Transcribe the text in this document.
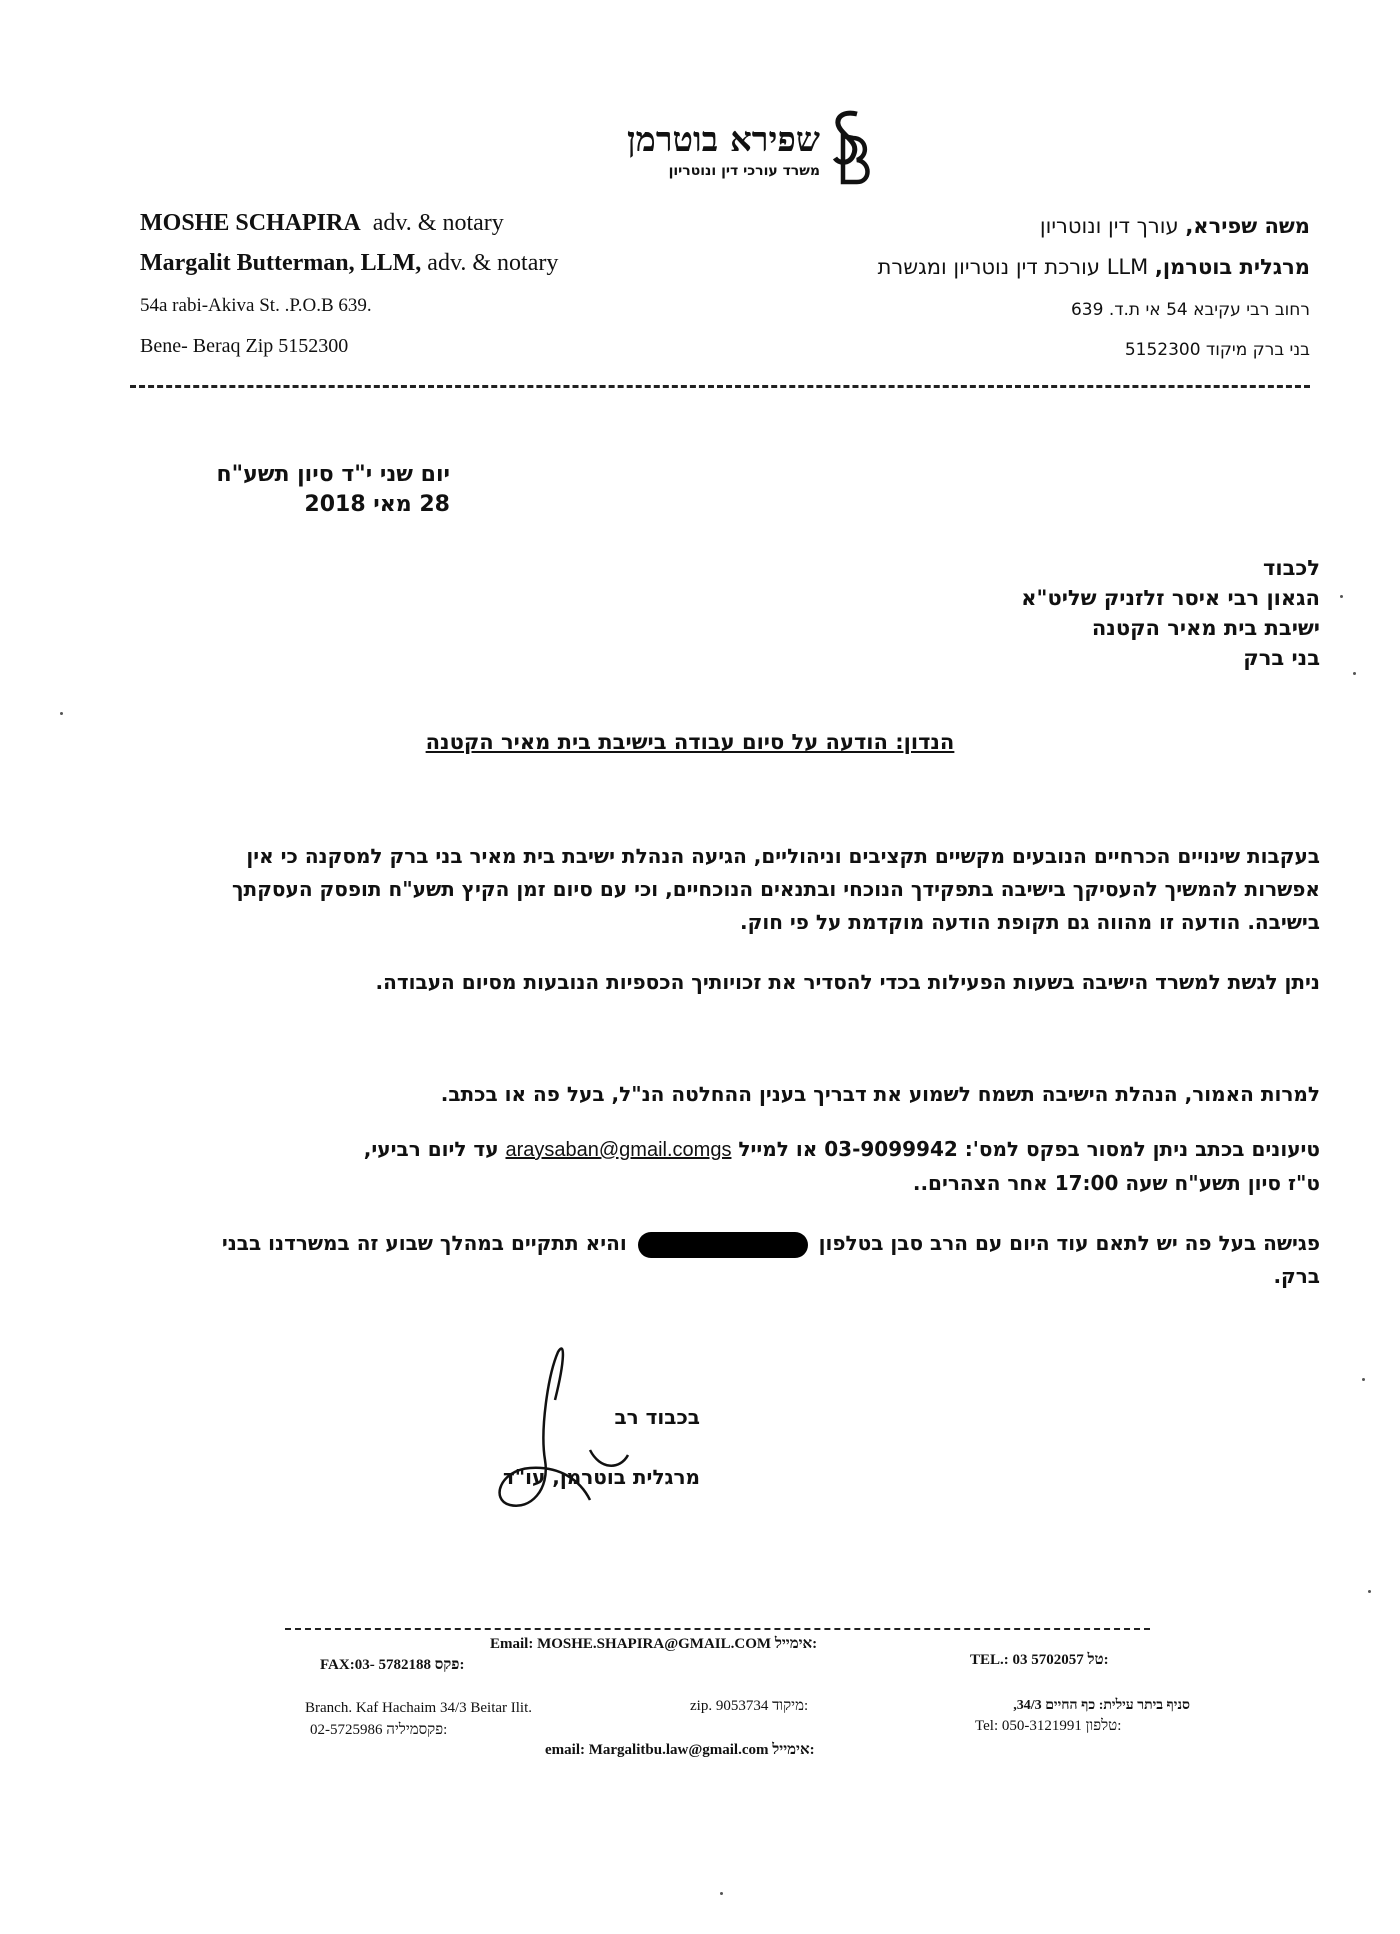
שפירא בוטרמן
משרד עורכי דין ונוטריון
MOSHE SCHAPIRA adv. & notary
Margalit Butterman, LLM, adv. & notary
54a rabi-Akiva St. .P.O.B 639.
Bene- Beraq Zip 5152300
משה שפירא, עורך דין ונוטריון
מרגלית בוטרמן, LLM עורכת דין נוטריון ומגשרת
רחוב רבי עקיבא 54 אי ת.ד. 639
בני ברק מיקוד 5152300
יום שני י"ד סיון תשע"ח
28 מאי 2018
לכבוד
הגאון רבי איסר זלזניק שליט"א
ישיבת בית מאיר הקטנה
בני ברק
הנדון: הודעה על סיום עבודה בישיבת בית מאיר הקטנה
בעקבות שינויים הכרחיים הנובעים מקשיים תקציבים וניהוליים, הגיעה הנהלת ישיבת בית מאיר בני ברק למסקנה כי אין אפשרות להמשיך להעסיקך בישיבה בתפקידך הנוכחי ובתנאים הנוכחיים, וכי עם סיום זמן הקיץ תשע"ח תופסק העסקתך בישיבה. הודעה זו מהווה גם תקופת הודעה מוקדמת על פי חוק.
ניתן לגשת למשרד הישיבה בשעות הפעילות בכדי להסדיר את זכויותיך הכספיות הנובעות מסיום העבודה.
למרות האמור, הנהלת הישיבה תשמח לשמוע את דבריך בענין ההחלטה הנ"ל, בעל פה או בכתב.
טיעונים בכתב ניתן למסור בפקס למס': 03-9099942 או למייל araysaban@gmail.comgs עד ליום רביעי,
ט"ז סיון תשע"ח שעה 17:00 אחר הצהרים..
פגישה בעל פה יש לתאם עוד היום עם הרב סבן בטלפון  והיא תתקיים במהלך שבוע זה במשרדנו בבני ברק.
בכבוד רב
מרגלית בוטרמן, עו"ד
Email: MOSHE.SHAPIRA@GMAIL.COM אימייל:
FAX:03- 5782188 פקס:	TEL.: 03 5702057 טל:
Branch. Kaf Hachaim 34/3 Beitar Ilit.
02-5725986 פקסמיליה:
zip. 9053734 מיקוד:	סניף ביתר עילית: כף החיים 34/3,
Tel: 050-3121991 טלפון:
email: Margalitbu.law@gmail.com אימייל:
